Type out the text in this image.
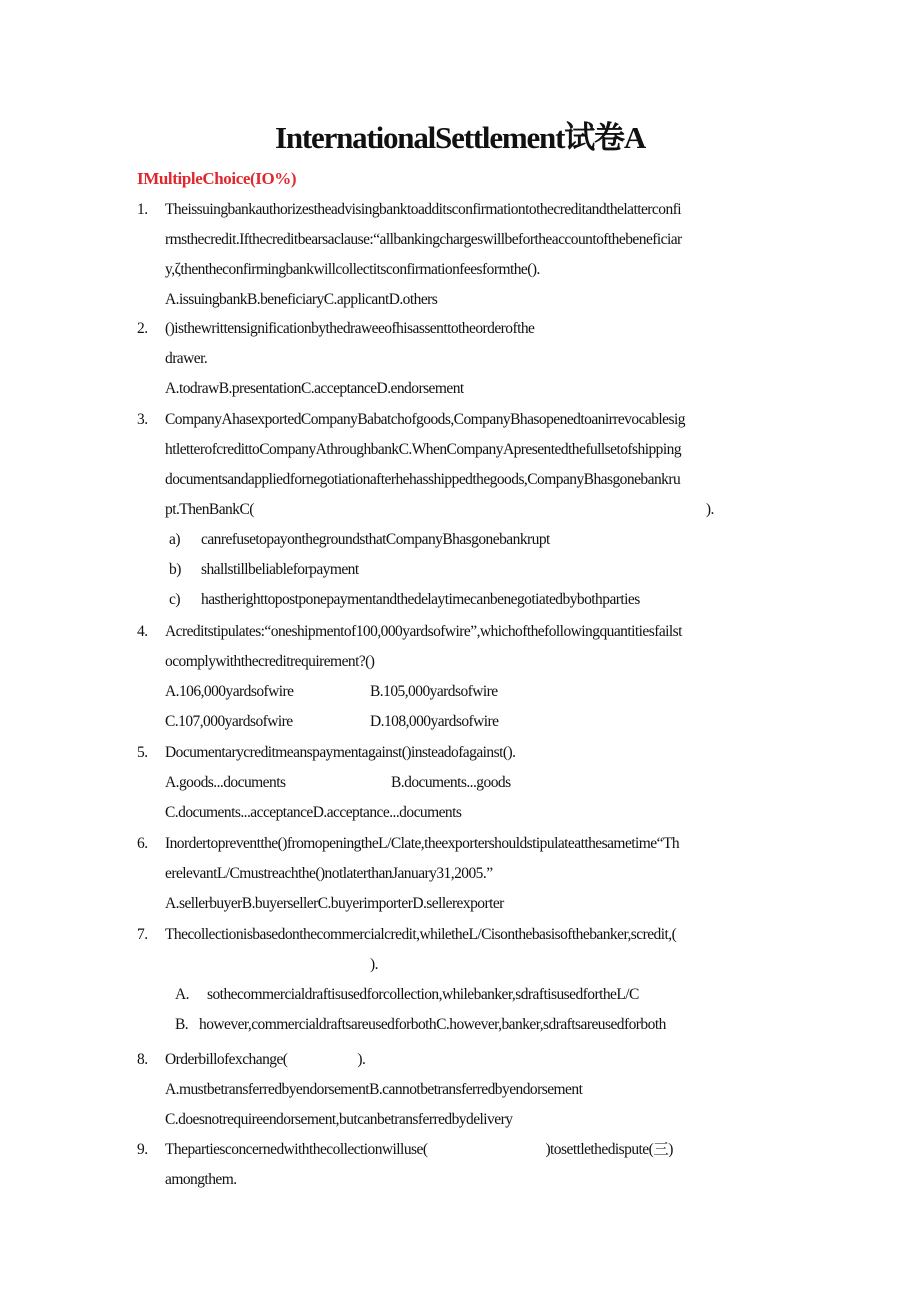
InternationalSettlement试卷A
IMultipleChoice(IO%)
1.	Theissuingbankauthorizestheadvisingbanktoadditsconfirmationtothecreditandthelatterconfi
rmsthecredit.Ifthecreditbearsaclause:“allbankingchargeswillbefortheaccountofthebeneficiar
y,ζthentheconfirmingbankwillcollectitsconfirmationfeesformthe().
A.issuingbankB.beneficiaryC.applicantD.others
2.	()isthewrittensignificationbythedraweeofhisassenttotheorderofthe
drawer.
A.todrawB.presentationC.acceptanceD.endorsement
3.	CompanyAhasexportedCompanyBabatchofgoods,CompanyBhasopenedtoanirrevocablesig
htletterofcredittoCompanyAthroughbankC.WhenCompanyApresentedthefullsetofshipping
documentsandappliedfornegotiationafterhehasshippedthegoods,CompanyBhasgonebankru
pt.ThenBankC(	).
a) canrefusetopayonthegroundsthatCompanyBhasgonebankrupt
b) shallstillbeliableforpayment
c) hastherighttopostponepaymentandthedelaytimecanbenegotiatedbybothparties
4.	Acreditstipulates:“oneshipmentof100,000yardsofwire”,whichofthefollowingquantitiesfailst
ocomplywiththecreditrequirement?()
A.106,000yardsofwire	B.105,000yardsofwire
C.107,000yardsofwire	D.108,000yardsofwire
5.	Documentarycreditmeanspaymentagainst()insteadofagainst().
A.goods...documents	B.documents...goods
C.documents...acceptanceD.acceptance...documents
6.	Inordertopreventthe()fromopeningtheL/Clate,theexportershouldstipulateatthesametime“Th
erelevantL/Cmustreachthe()notlaterthanJanuary31,2005.”
A.sellerbuyerB.buyersellerC.buyerimporterD.sellerexporter
7.	Thecollectionisbasedonthecommercialcredit,whiletheL/Cisonthebasisofthebanker,scredit,(
).
A. sothecommercialdraftisusedforcollection,whilebanker,sdraftisusedfortheL/C
B. however,commercialdraftsareusedforbothC.however,banker,sdraftsareusedforboth
8.	Orderbillofexchange(	).
A.mustbetransferredbyendorsementB.cannotbetransferredbyendorsement
C.doesnotrequireendorsement,butcanbetransferredbydelivery
9.	Thepartiesconcernedwiththecollectionwilluse(	)tosettlethedispute(三)
amongthem.
